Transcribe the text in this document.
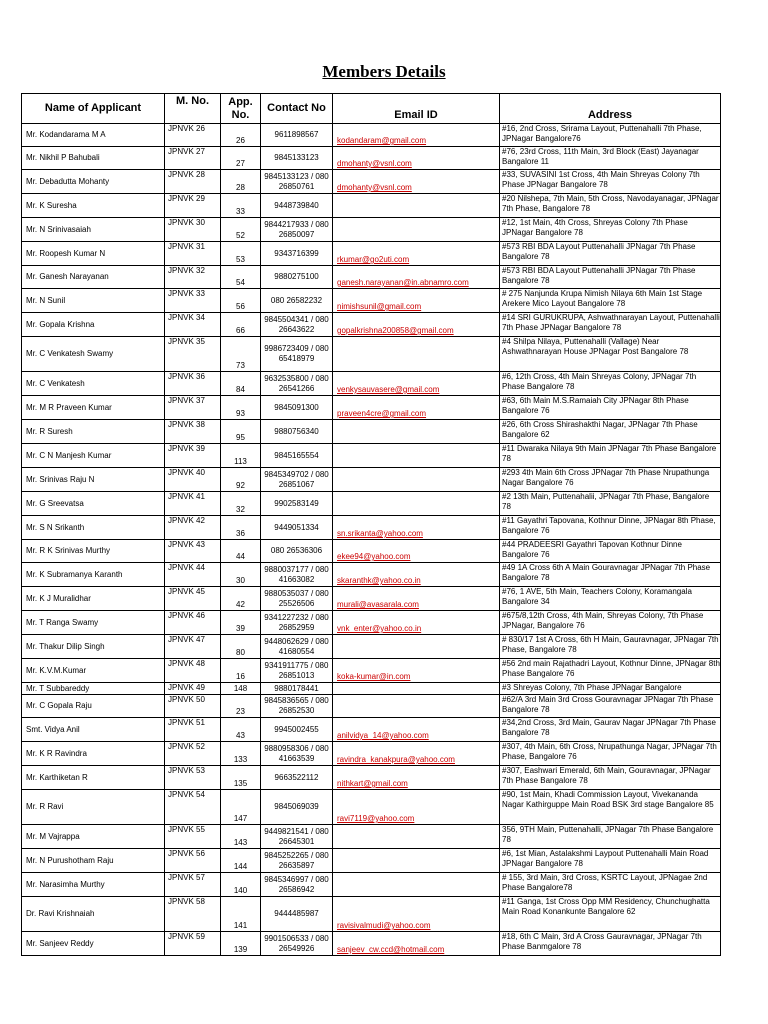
Members Details
Name of Applicant	M. No.	App. No.	Contact No	Email ID	Address
Mr. Kodandarama M A	JPNVK 26	26	9611898567	kodandaram@gmail.com	#16, 2nd Cross, Srirama Layout, Puttenahalli 7th Phase, JPNagar Bangalore76
Mr. Nikhil P Bahubali	JPNVK 27	27	9845133123	dmohanty@vsnl.com	#76, 23rd Cross, 11th Main, 3rd Block (East) Jayanagar Bangalore 11
Mr. Debadutta Mohanty	JPNVK 28	28	9845133123 / 080 26850761	dmohanty@vsnl.com	#33, SUVASINI 1st Cross, 4th Main Shreyas Colony 7th Phase JPNagar Bangalore 78
Mr. K Suresha	JPNVK 29	33	9448739840		#20 Nilshepa, 7th Main, 5th Cross, Navodayanagar, JPNagar 7th Phase, Bangalore 78
Mr. N Srinivasaiah	JPNVK 30	52	9844217933 / 080 26850097		#12, 1st Main, 4th Cross, Shreyas Colony 7th Phase JPNagar Bangalore 78
Mr. Roopesh Kumar N	JPNVK 31	53	9343716399	rkumar@go2uti.com	#573 RBI BDA Layout Puttenahalli JPNagar 7th Phase Bangalore 78
Mr. Ganesh Narayanan	JPNVK 32	54	9880275100	ganesh.narayanan@in.abnamro.com	#573 RBI BDA Layout Puttenahalli JPNagar 7th Phase Bangalore 78
Mr. N Sunil	JPNVK 33	56	080 26582232	nimishsunil@gmail.com	# 275 Nanjunda Krupa Nimish Nilaya 6th Main 1st Stage Arekere Mico Layout Bangalore 78
Mr. Gopala Krishna	JPNVK 34	66	9845504341 / 080 26643622	gopalkrishna200858@gmail.com	#14 SRI GURUKRUPA, Ashwathnarayan Layout, Puttenahalli 7th Phase JPNagar Bangalore 78
Mr. C Venkatesh Swamy	JPNVK 35	73	9986723409 / 080 65418979		#4 Shilpa Nilaya, Puttenahalli (Vallage) Near Ashwathnarayan House JPNagar Post Bangalore 78
Mr. C Venkatesh	JPNVK 36	84	9632535800 / 080 26541266	venkysauvasere@gmail.com	#6, 12th Cross, 4th Main Shreyas Colony, JPNagar 7th Phase Bangalore 78
Mr. M R Praveen Kumar	JPNVK 37	93	9845091300	praveen4cre@gmail.com	#63, 6th Main M.S.Ramaiah City JPNagar 8th Phase Bangalore 76
Mr. R Suresh	JPNVK 38	95	9880756340		#26, 6th Cross Shirashakthi Nagar, JPNagar 7th Phase Bangalore 62
Mr. C N Manjesh Kumar	JPNVK 39	113	9845165554		#11 Dwaraka Nilaya 9th Main JPNagar 7th Phase Bangalore 78
Mr. Srinivas Raju N	JPNVK 40	92	9845349702 / 080 26851067		#293 4th Main 6th Cross JPNagar 7th Phase Nrupathunga Nagar Bangalore 76
Mr. G Sreevatsa	JPNVK 41	32	9902583149		#2 13th Main, Puttenahalii, JPNagar 7th Phase, Bangalore 78
Mr. S N Srikanth	JPNVK 42	36	9449051334	sn.srikanta@yahoo.com	#11 Gayathri Tapovana, Kothnur Dinne, JPNagar 8th Phase, Bangalore 76
Mr. R K Srinivas Murthy	JPNVK 43	44	080 26536306	ekee94@yahoo.com	#44 PRADEESRI Gayathri Tapovan Kothnur Dinne Bangalore 76
Mr. K Subramanya Karanth	JPNVK 44	30	9880037177 / 080 41663082	skaranthk@yahoo.co.in	#49 1A Cross 6th A Main Gouravnagar JPNagar 7th Phase Bangalore 78
Mr. K J Muralidhar	JPNVK 45	42	9880535037 / 080 25526506	murali@avasarala.com	#76, 1 AVE, 5th Main, Teachers Colony, Koramangala Bangalore 34
Mr. T Ranga Swamy	JPNVK 46	39	9341227232 / 080 26852959	vnk_enter@yahoo.co.in	#675/8,12th Cross, 4th Main, Shreyas Colony, 7th Phase JPNagar, Bangalore 76
Mr. Thakur Dilip Singh	JPNVK 47	80	9448062629 / 080 41680554		# 830/17 1st A Cross, 6th H Main, Gauravnagar, JPNagar 7th Phase, Bangalore 78
Mr. K.V.M.Kumar	JPNVK 48	16	9341911775 / 080 26851013	koka-kumar@in.com	#56 2nd main Rajathadri Layout, Kothnur Dinne, JPNagar 8th Phase Bangalore 76
Mr. T Subbareddy	JPNVK 49	148	9880178441		#3 Shreyas Colony, 7th Phase JPNagar Bangalore
Mr. C Gopala Raju	JPNVK 50	23	9845836565 / 080 26852530		#62/A 3rd Main 3rd Cross Gouravnagar JPNagar 7th Phase Bangalore 78
Smt. Vidya Anil	JPNVK 51	43	9945002455	anilvidya_14@yahoo.com	#34,2nd Cross, 3rd Main, Gaurav Nagar JPNagar 7th Phase Bangalore 78
Mr. K R Ravindra	JPNVK 52	133	9880958306 / 080 41663539	ravindra_kanakpura@yahoo.com	#307, 4th Main, 6th Cross, Nrupathunga Nagar, JPNagar 7th Phase, Bangalore 76
Mr. Karthiketan R	JPNVK 53	135	9663522112	nithkart@gmail.com	#307, Eashwari Emerald, 6th Main, Gouravnagar, JPNagar 7th Phase Bangalore 78
Mr. R Ravi	JPNVK 54	147	9845069039	ravi7119@yahoo.com	#90, 1st Main, Khadi Commission Layout, Vivekananda Nagar Kathirguppe Main Road BSK 3rd stage Bangalore 85
Mr. M Vajrappa	JPNVK 55	143	9449821541 / 080 26645301		356, 9TH Main, Puttenahalli, JPNagar 7th Phase Bangalore 78
Mr. N Purushotham Raju	JPNVK 56	144	9845252265 / 080 26635897		#6, 1st Mian, Astalakshmi Laypout Puttenahalli Main Road JPNagar Bangalore 78
Mr. Narasimha Murthy	JPNVK 57	140	9845346997 / 080 26586942		# 155, 3rd Main, 3rd Cross, KSRTC Layout, JPNagae 2nd Phase Bangalore78
Dr. Ravi Krishnaiah	JPNVK 58	141	9444485987	ravisivalmudi@yahoo.com	#11 Ganga, 1st Cross Opp MM Residency, Chunchughatta Main Road Konankunte Bangalore 62
Mr. Sanjeev Reddy	JPNVK 59	139	9901506533 / 080 26549926	sanjeev_cw.ccd@hotmail.com	#18, 6th C Main, 3rd A Cross Gauravnagar, JPNagar 7th Phase Banmgalore 78
